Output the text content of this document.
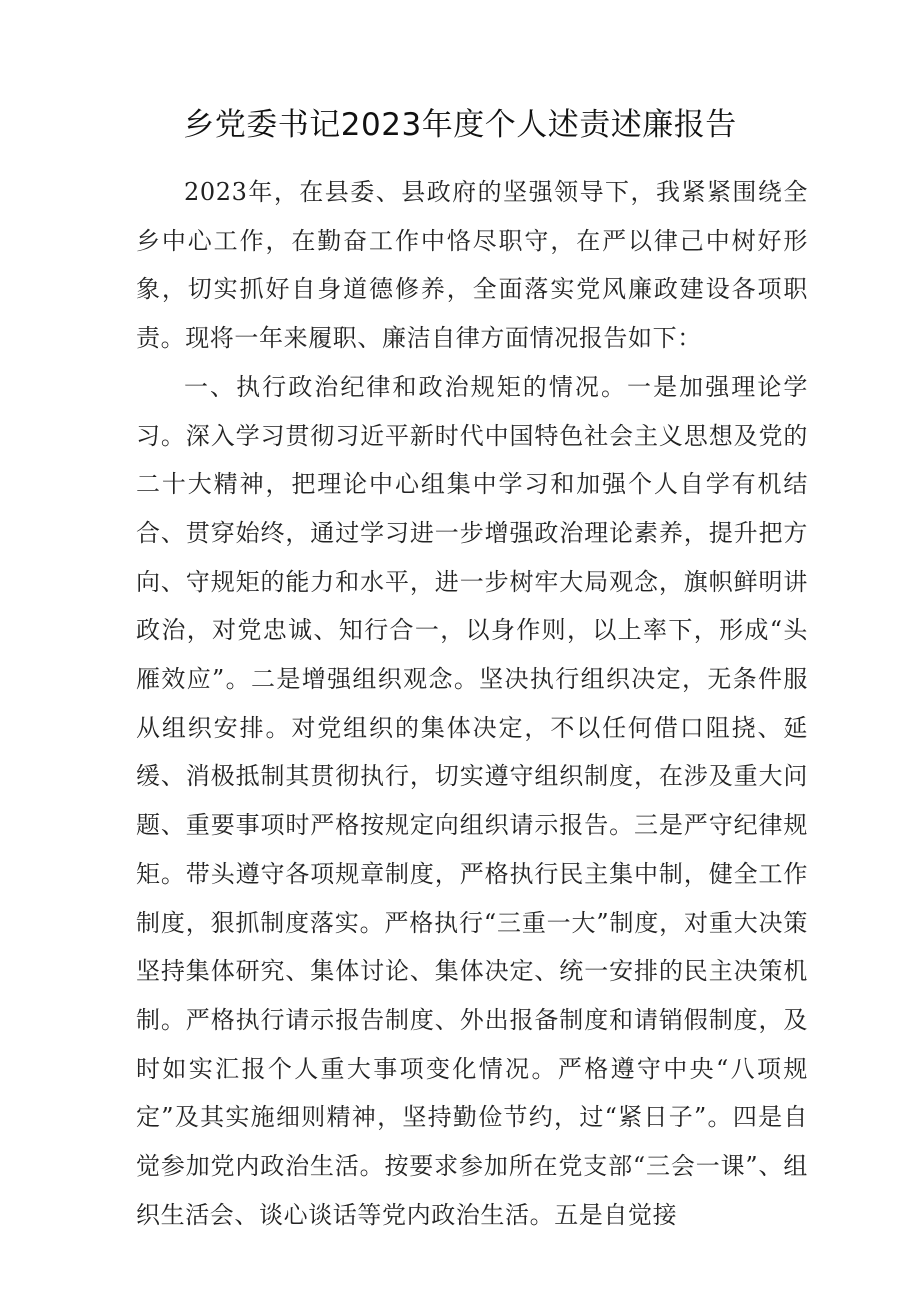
乡党委书记2023年度个人述责述廉报告

2023年，在县委、县政府的坚强领导下，我紧紧围绕全乡中心工作，在勤奋工作中恪尽职守，在严以律己中树好形象，切实抓好自身道德修养，全面落实党风廉政建设各项职责。现将一年来履职、廉洁自律方面情况报告如下：

一、执行政治纪律和政治规矩的情况。一是加强理论学习。深入学习贯彻习近平新时代中国特色社会主义思想及党的二十大精神，把理论中心组集中学习和加强个人自学有机结合、贯穿始终，通过学习进一步增强政治理论素养，提升把方向、守规矩的能力和水平，进一步树牢大局观念，旗帜鲜明讲政治，对党忠诚、知行合一，以身作则，以上率下，形成“头雁效应”。二是增强组织观念。坚决执行组织决定，无条件服从组织安排。对党组织的集体决定，不以任何借口阻挠、延缓、消极抵制其贯彻执行，切实遵守组织制度，在涉及重大问题、重要事项时严格按规定向组织请示报告。三是严守纪律规矩。带头遵守各项规章制度，严格执行民主集中制，健全工作制度，狠抓制度落实。严格执行“三重一大”制度，对重大决策坚持集体研究、集体讨论、集体决定、统一安排的民主决策机制。严格执行请示报告制度、外出报备制度和请销假制度，及时如实汇报个人重大事项变化情况。严格遵守中央“八项规定”及其实施细则精神，坚持勤俭节约，过“紧日子”。四是自觉参加党内政治生活。按要求参加所在党支部“三会一课”、组织生活会、谈心谈话等党内政治生活。五是自觉接
